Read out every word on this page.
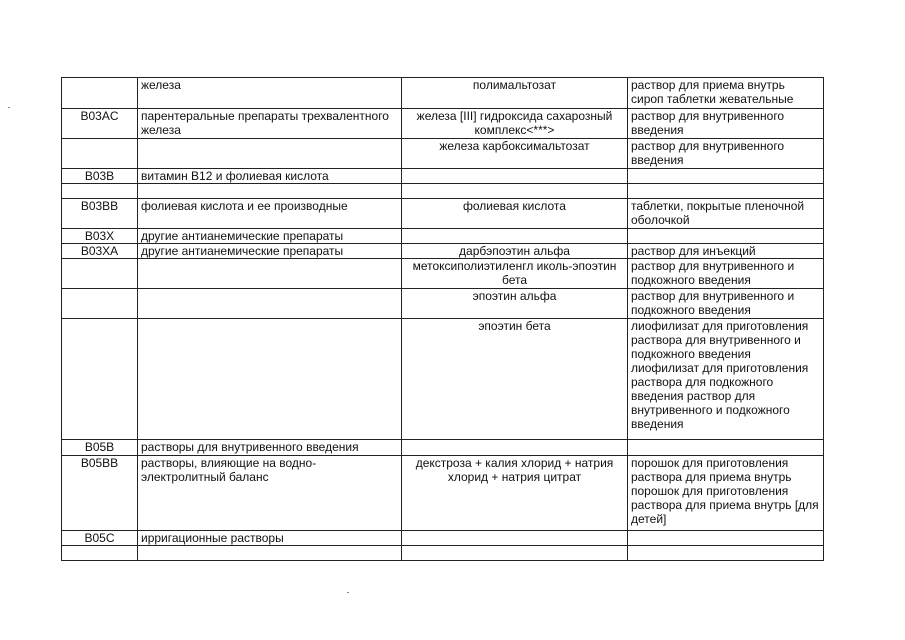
	железа	полимальтозат	раствор для приема внутрь сироп таблетки жевательные
B03AC	парентеральные препараты трехвалентного железа	железа [III] гидроксида сахарозный комплекс<***>	раствор для внутривенного введения
		железа карбоксимальтозат	раствор для внутривенного введения
B03B	витамин B12 и фолиевая кислота		

B03BB	фолиевая кислота и ее производные	фолиевая кислота	таблетки, покрытые пленочной оболочкой
B03X	другие антианемические препараты		
B03XA	другие антианемические препараты	дарбэпоэтин альфа	раствор для инъекций
		метоксиполиэтиленгл иколь-эпоэтин бета	раствор для внутривенного и подкожного введения
		эпоэтин альфа	раствор для внутривенного и подкожного введения
		эпоэтин бета	лиофилизат для приготовления раствора для внутривенного и подкожного введения лиофилизат для приготовления раствора для подкожного введения раствор для внутривенного и подкожного введения
B05B	растворы для внутривенного введения		
B05BB	растворы, влияющие на водно-электролитный баланс	декстроза + калия хлорид + натрия хлорид + натрия цитрат	порошок для приготовления раствора для приема внутрь порошок для приготовления раствора для приема внутрь [для детей]
B05C	ирригационные растворы		
